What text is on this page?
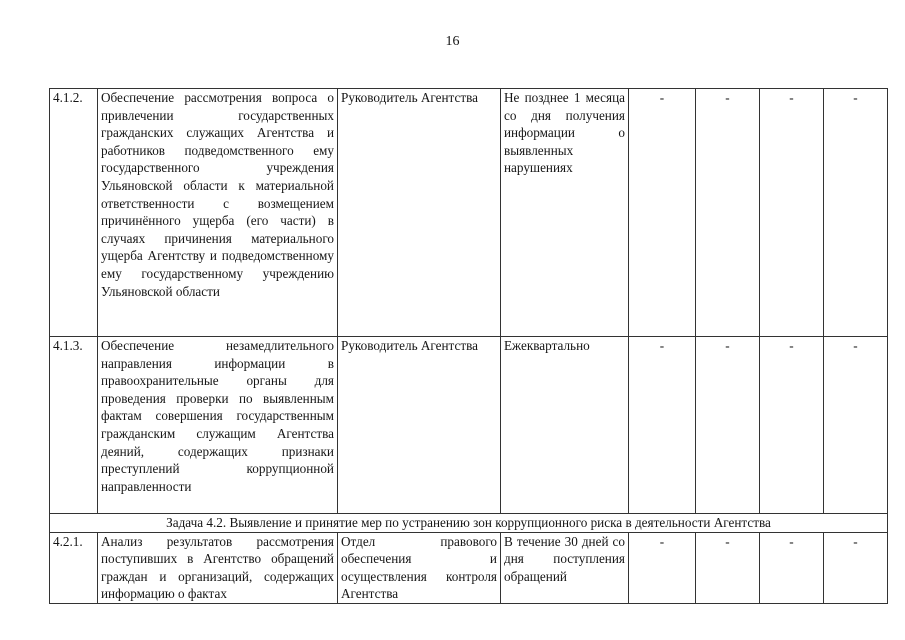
16
4.1.2.	Обеспечение рассмотрения вопроса о привлечении государственных гражданских служащих Агентства и работников подведомственного ему государственного учреждения Ульяновской области к материальной ответственности с возмещением причинённого ущерба (его части) в случаях причинения материального ущерба Агентству и подведомственному ему государственному учреждению Ульяновской области	Руководитель Агентства	Не позднее 1 месяца со дня получения информации о выявленных нарушениях	-	-	-	-
4.1.3.	Обеспечение незамедлительного направления информации в правоохранительные органы для проведения проверки по выявленным фактам совершения государственным гражданским служащим Агентства деяний, содержащих признаки преступлений коррупционной направленности	Руководитель Агентства	Ежеквартально	-	-	-	-
Задача 4.2. Выявление и принятие мер по устранению зон коррупционного риска в деятельности Агентства							
4.2.1.	Анализ результатов рассмотрения поступивших в Агентство обращений граждан и организаций, содержащих информацию о фактах	Отдел правового обеспечения и осуществления контроля Агентства	В течение 30 дней со дня поступления обращений	-	-	-	-
